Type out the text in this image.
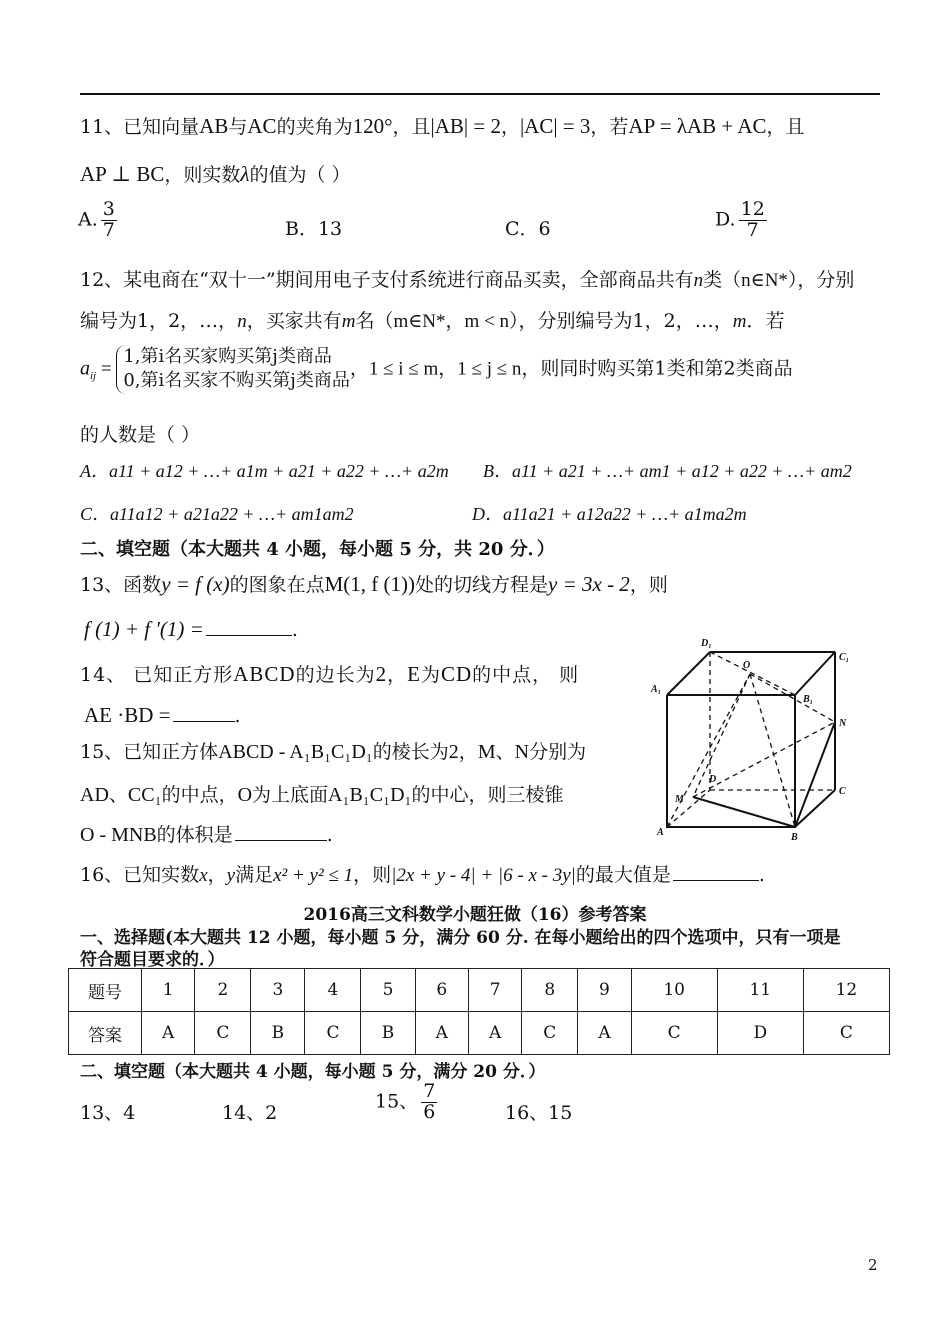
11、已知向量AB与AC的夹角为120°，且|AB| = 2，|AC| = 3，若AP = λAB + AC，且
AP ⊥ BC，则实数λ的值为（ ）
A. $\frac{3}{7}$	B．13	C．6	D. $\frac{12}{7}$
12、某电商在“双十一”期间用电子支付系统进行商品买卖，全部商品共有n类（n∈N*），分别
编号为1，2，…，n，买家共有m名（m∈N*，m < n），分别编号为1，2，…，m．若
$a_{ij} = 1$,第i名买家购买第j类商品
0,第i名买家不购买第j类商品，1 ≤ i ≤ m，1 ≤ j ≤ n，则同时购买第1类和第2类商品
的人数是（ ）
A．a11 + a12 + …+ a1m + a21 + a22 + …+ a2m B．a11 + a21 + …+ am1 + a12 + a22 + …+ am2
C．a11a12 + a21a22 + …+ am1am2	D．a11a21 + a12a22 + …+ a1ma2m
二、填空题（本大题共 4 小题，每小题 5 分，共 20 分．）
13、函数y = f (x)的图象在点M(1, f (1))处的切线方程是y = 3x - 2，则
f (1) + f ′(1) =	.
14、 已知正方形ABCD的边长为2，E为CD的中点， 则
AE ·BD =	.
15、已知正方体ABCD - A₁B₁C₁D₁的棱长为2，M、N分别为
AD、CC₁的中点，O为上底面A₁B₁C₁D₁的中心，则三棱锥
O - MNB的体积是	.
D₁
O
C₁
A₁
B₁
N
D
M
C
A	B
16、已知实数x，y满足x² + y² ≤ 1，则|2x + y - 4| + |6 - x - 3y|的最大值是	.
2016高三文科数学小题狂做（16）参考答案
一、选择题(本大题共 12 小题，每小题 5 分，满分 60 分. 在每小题给出的四个选项中，只有一项是
符合题目要求的．）
题号	1	2	3	4	5	6	7	8	9	10	11	12
答案	A	C	B	C	B	A	A	C	A	C	D	C
二、填空题（本大题共 4 小题，每小题 5 分，满分 20 分．）
13、4	14、2
15、 $\frac{7}{6}$	16、15
2
